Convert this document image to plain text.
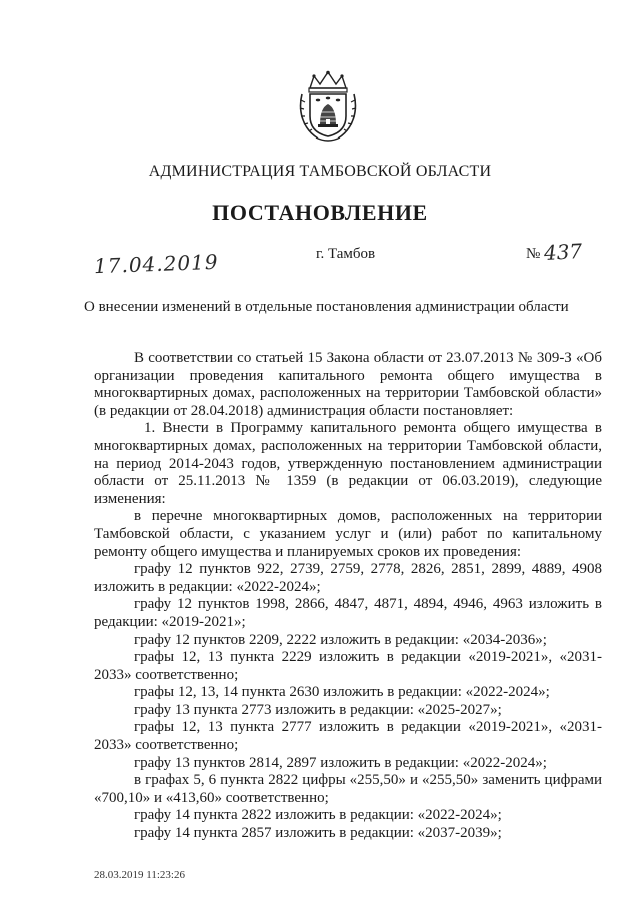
АДМИНИСТРАЦИЯ ТАМБОВСКОЙ ОБЛАСТИ
ПОСТАНОВЛЕНИЕ
17.04.2019	г. Тамбов	№ 437
О внесении изменений в отдельные постановления администрации области

В соответствии со статьей 15 Закона области от 23.07.2013 № 309-З «Об организации проведения капитального ремонта общего имущества в многоквартирных домах, расположенных на территории Тамбовской области» (в редакции от 28.04.2018) администрация области постановляет:

1. Внести в Программу капитального ремонта общего имущества в многоквартирных домах, расположенных на территории Тамбовской области, на период 2014-2043 годов, утвержденную постановлением администрации области от 25.11.2013 № 1359 (в редакции от 06.03.2019), следующие изменения:

в перечне многоквартирных домов, расположенных на территории Тамбовской области, с указанием услуг и (или) работ по капитальному ремонту общего имущества и планируемых сроков их проведения:

графу 12 пунктов 922, 2739, 2759, 2778, 2826, 2851, 2899, 4889, 4908 изложить в редакции: «2022-2024»;

графу 12 пунктов 1998, 2866, 4847, 4871, 4894, 4946, 4963 изложить в редакции: «2019-2021»;

графу 12 пунктов 2209, 2222 изложить в редакции: «2034-2036»;

графы 12, 13 пункта 2229 изложить в редакции «2019-2021», «2031-2033» соответственно;

графы 12, 13, 14 пункта 2630 изложить в редакции: «2022-2024»;

графу 13 пункта 2773 изложить в редакции: «2025-2027»;

графы 12, 13 пункта 2777 изложить в редакции «2019-2021», «2031-2033» соответственно;

графу 13 пунктов 2814, 2897 изложить в редакции: «2022-2024»;

в графах 5, 6 пункта 2822 цифры «255,50» и «255,50» заменить цифрами «700,10» и «413,60» соответственно;

графу 14 пункта 2822 изложить в редакции: «2022-2024»;

графу 14 пункта 2857 изложить в редакции: «2037-2039»;

28.03.2019 11:23:26
